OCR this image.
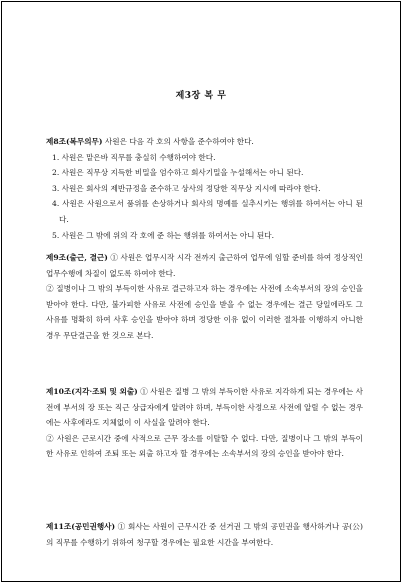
제3장 복 무
제8조(복무의무) 사원은 다음 각 호의 사항을 준수하여야 한다.
1. 사원은 맡은바 직무를 충실히 수행하여야 한다.
2. 사원은 직무상 지득한 비밀을 엄수하고 회사기밀을 누설해서는 아니 된다.
3. 사원은 회사의 제반규정을 준수하고 상사의 정당한 직무상 지시에 따라야 한다.
4. 사원은 사원으로서 품위를 손상하거나 회사의 명예를 실추시키는 행위를 하여서는 아니 된다.
5. 사원은 그 밖에 위의 각 호에 준 하는 행위를 하여서는 아니 된다.
제9조(출근, 결근) ① 사원은 업무시작 시각 전까지 출근하여 업무에 임할 준비를 하여 정상적인 업무수행에 차질이 없도록 하여야 한다.
② 질병이나 그 밖의 부득이한 사유로 결근하고자 하는 경우에는 사전에 소속부서의 장의 승인을 받아야 한다. 다만, 불가피한 사유로 사전에 승인을 받을 수 없는 경우에는 결근 당일에라도 그 사유를 명확히 하여 사후 승인을 받아야 하며 정당한 이유 없이 이러한 절차를 이행하지 아니한 경우 무단결근을 한 것으로 본다.
제10조(지각·조퇴 및 외출) ① 사원은 질병 그 밖의 부득이한 사유로 지각하게 되는 경우에는 사전에 부서의 장 또는 직근 상급자에게 알려야 하며, 부득이한 사정으로 사전에 알릴 수 없는 경우에는 사후에라도 지체없이 이 사실을 알려야 한다.
② 사원은 근로시간 중에 사적으로 근무 장소를 이탈할 수 없다. 다만, 질병이나 그 밖의 부득이한 사유로 인하여 조퇴 또는 외출 하고자 할 경우에는 소속부서의 장의 승인을 받아야 한다.
제11조(공민권행사) ① 회사는 사원이 근무시간 중 선거권 그 밖의 공민권을 행사하거나 공(公)의 직무를 수행하기 위하여 청구할 경우에는 필요한 시간을 부여한다.
